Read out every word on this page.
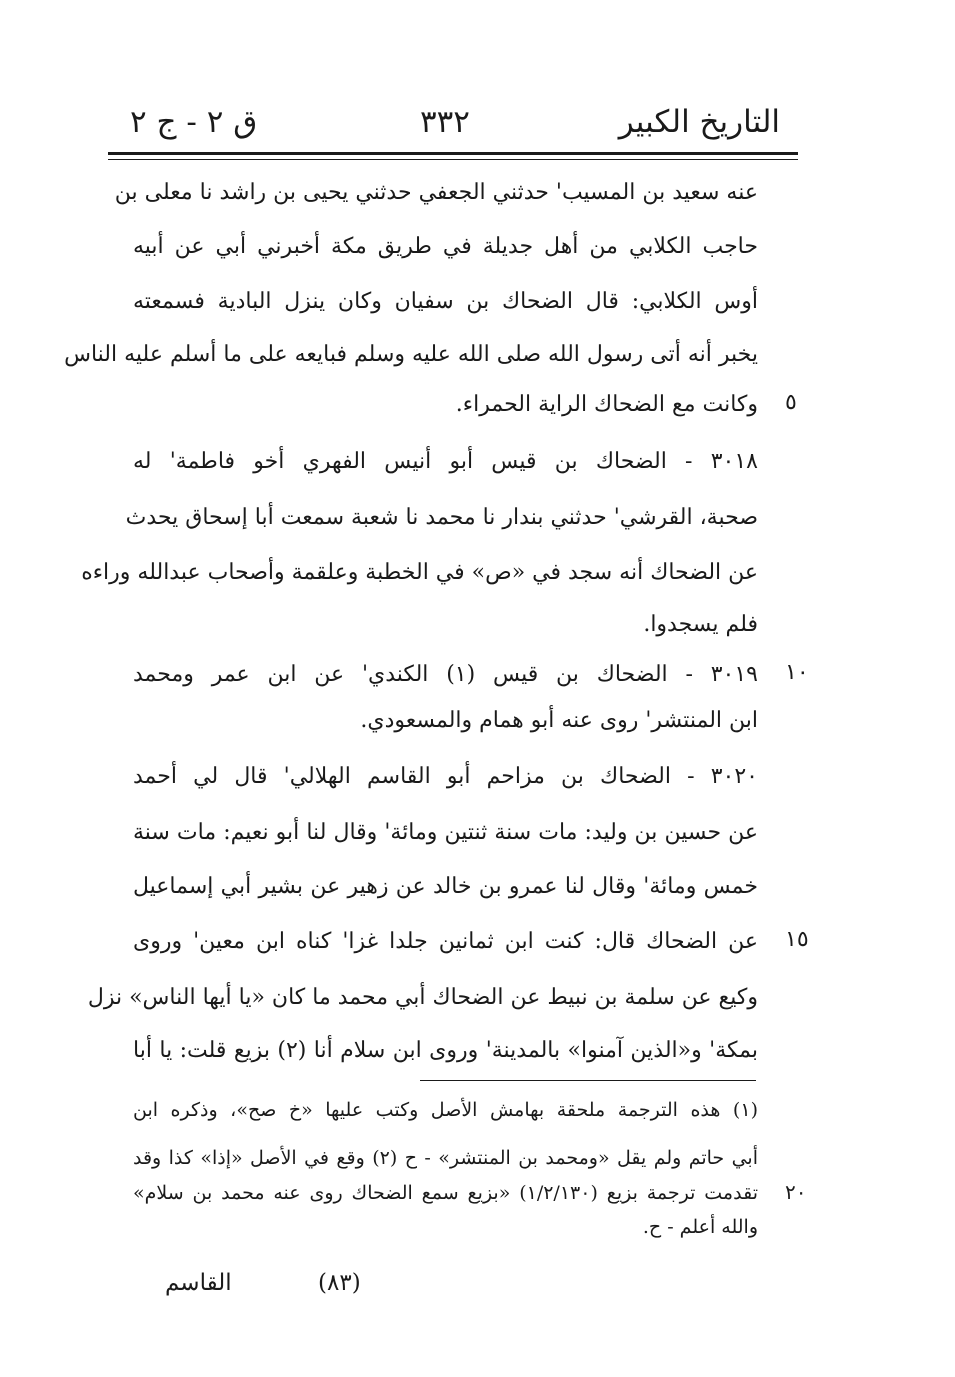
التاريخ الكبير
٣٣٢
ق ٢ - ج ٢
عنه سعيد بن المسيب' حدثني الجعفي حدثني يحيى بن راشد نا معلى بن
حاجب الكلابي من أهل جديلة في طريق مكة أخبرني أبي عن أبيه
أوس الكلابي: قال الضحاك بن سفيان وكان ينزل البادية فسمعته
يخبر أنه أتى رسول الله صلى الله عليه وسلم فبايعه على ما أسلم عليه الناس
وكانت مع الضحاك الراية الحمراء. ٥
٣٠١٨ - الضحاك بن قيس أبو أنيس الفهري أخو فاطمة' له
صحبة، القرشي' حدثني بندار نا محمد نا شعبة سمعت أبا إسحاق يحدث
عن الضحاك أنه سجد في «ص» في الخطبة وعلقمة وأصحاب عبدالله وراءه
فلم يسجدوا.
٣٠١٩ - الضحاك بن قيس (١) الكندي' عن ابن عمر ومحمد ١٠
ابن المنتشر' روى عنه أبو همام والمسعودي.
٣٠٢٠ - الضحاك بن مزاحم أبو القاسم الهلالي' قال لي أحمد
عن حسين بن وليد: مات سنة ثنتين ومائة' وقال لنا أبو نعيم: مات سنة
خمس ومائة' وقال لنا عمرو بن خالد عن زهير عن بشير أبي إسماعيل
عن الضحاك قال: كنت ابن ثمانين جلدا غزا' كناه ابن معين' وروى ١٥
وكيع عن سلمة بن نبيط عن الضحاك أبي محمد ما كان «يا أيها الناس» نزل
بمكة' و«الذين آمنوا» بالمدينة' وروى ابن سلام أنا (٢) بزيع قلت: يا أبا
(١) هذه الترجمة ملحقة بهامش الأصل وكتب عليها «خ صح»، وذكره ابن
أبي حاتم ولم يقل «ومحمد بن المنتشر» - ح (٢) وقع في الأصل «إذا» كذا وقد
تقدمت ترجمة بزيع (١/٢/١٣٠) «بزيع سمع الضحاك روى عنه محمد بن سلام» ٢٠
والله أعلم - ح.
(٨٣)
القاسم
